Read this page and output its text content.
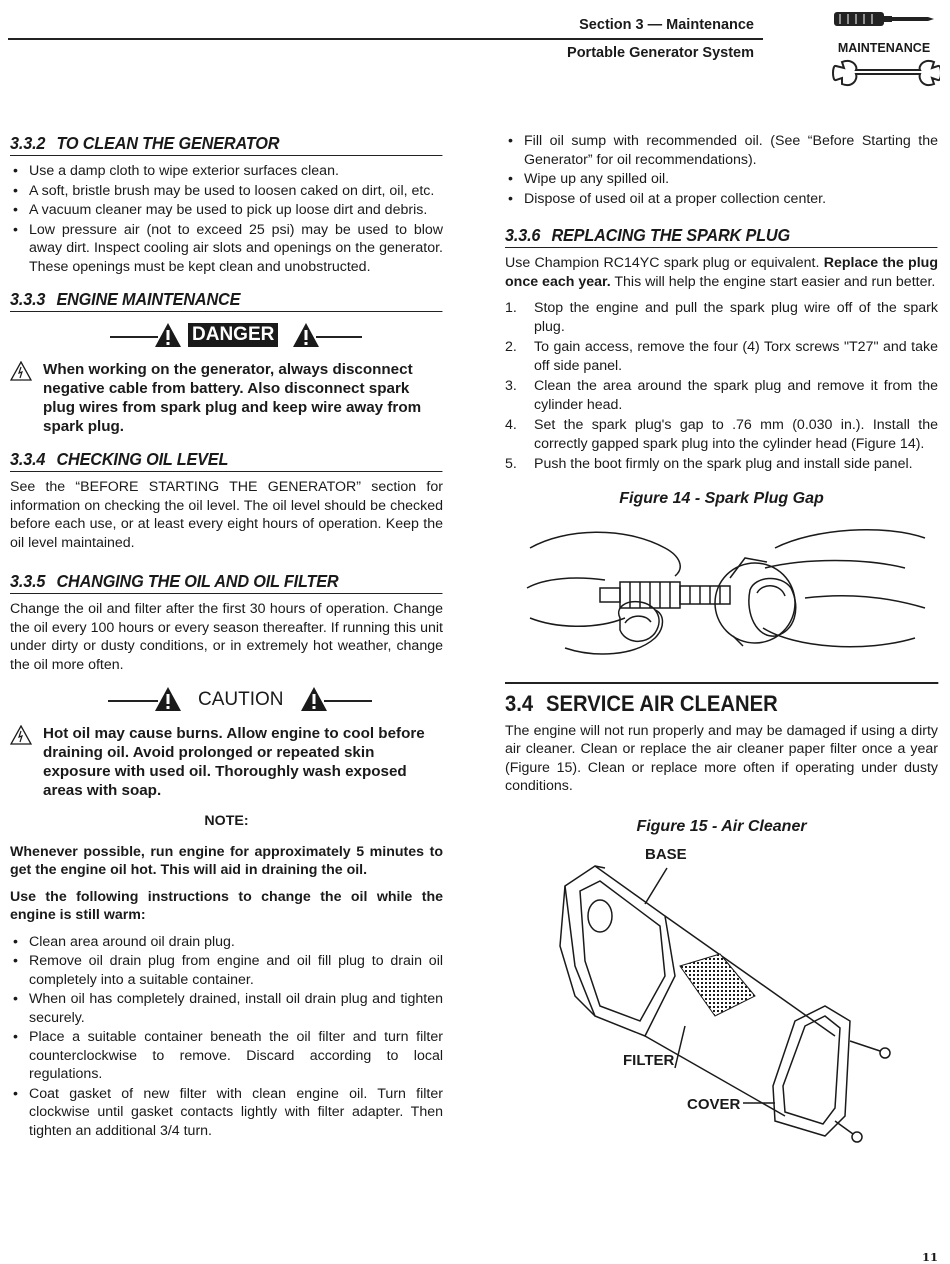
Section 3 — Maintenance
Portable Generator System	MAINTENANCE
3.3.2 TO CLEAN THE GENERATOR
• Use a damp cloth to wipe exterior surfaces clean.
• A soft, bristle brush may be used to loosen caked on dirt, oil, etc.
• A vacuum cleaner may be used to pick up loose dirt and debris.
• Low pressure air (not to exceed 25 psi) may be used to blow away dirt. Inspect cooling air slots and openings on the generator. These openings must be kept clean and unobstructed.
3.3.3 ENGINE MAINTENANCE
DANGER
When working on the generator, always disconnect negative cable from battery. Also disconnect spark plug wires from spark plug and keep wire away from spark plug.
3.3.4 CHECKING OIL LEVEL

See the “BEFORE STARTING THE GENERATOR” section for information on checking the oil level. The oil level should be checked before each use, or at least every eight hours of operation. Keep the oil level maintained.

3.3.5 CHANGING THE OIL AND OIL FILTER

Change the oil and filter after the first 30 hours of operation. Change the oil every 100 hours or every season thereafter. If running this unit under dirty or dusty conditions, or in extremely hot weather, change the oil more often.

CAUTION
Hot oil may cause burns. Allow engine to cool before draining oil. Avoid prolonged or repeated skin exposure with used oil. Thoroughly wash exposed areas with soap.
NOTE:

Whenever possible, run engine for approximately 5 minutes to get the engine oil hot. This will aid in draining the oil.

Use the following instructions to change the oil while the engine is still warm:

• Clean area around oil drain plug.
• Remove oil drain plug from engine and oil fill plug to drain oil completely into a suitable container.
• When oil has completely drained, install oil drain plug and tighten securely.
• Place a suitable container beneath the oil filter and turn filter counterclockwise to remove. Discard according to local regulations.
• Coat gasket of new filter with clean engine oil. Turn filter clockwise until gasket contacts lightly with filter adapter. Then tighten an additional 3/4 turn.
• Fill oil sump with recommended oil. (See “Before Starting the Generator” for oil recommendations).
• Wipe up any spilled oil.
• Dispose of used oil at a proper collection center.
3.3.6 REPLACING THE SPARK PLUG

Use Champion RC14YC spark plug or equivalent. Replace the plug once each year. This will help the engine start easier and run better.

1. Stop the engine and pull the spark plug wire off of the spark plug.
2. To gain access, remove the four (4) Torx screws "T27" and take off side panel.
3. Clean the area around the spark plug and remove it from the cylinder head.
4. Set the spark plug's gap to .76 mm (0.030 in.). Install the correctly gapped spark plug into the cylinder head (Figure 14).
5. Push the boot firmly on the spark plug and install side panel.
Figure 14 - Spark Plug Gap
3.4 SERVICE AIR CLEANER

The engine will not run properly and may be damaged if using a dirty air cleaner. Clean or replace the air cleaner paper filter once a year (Figure 15). Clean or replace more often if operating under dusty conditions.

Figure 15 - Air Cleaner
BASE
FILTER
COVER
11
